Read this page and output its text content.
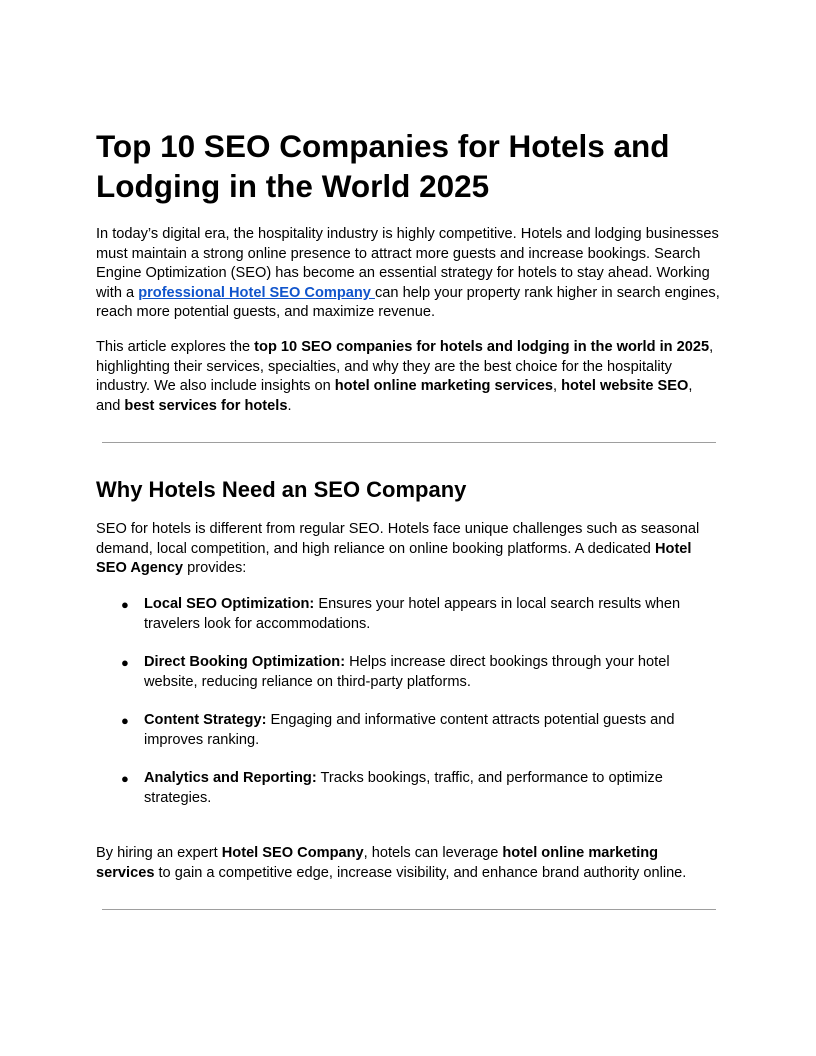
Top 10 SEO Companies for Hotels and Lodging in the World 2025

In today’s digital era, the hospitality industry is highly competitive. Hotels and lodging businesses must maintain a strong online presence to attract more guests and increase bookings. Search Engine Optimization (SEO) has become an essential strategy for hotels to stay ahead. Working with a professional Hotel SEO Company can help your property rank higher in search engines, reach more potential guests, and maximize revenue.

This article explores the top 10 SEO companies for hotels and lodging in the world in 2025, highlighting their services, specialties, and why they are the best choice for the hospitality industry. We also include insights on hotel online marketing services, hotel website SEO, and best services for hotels.

Why Hotels Need an SEO Company

SEO for hotels is different from regular SEO. Hotels face unique challenges such as seasonal demand, local competition, and high reliance on online booking platforms. A dedicated Hotel SEO Agency provides:

● Local SEO Optimization: Ensures your hotel appears in local search results when travelers look for accommodations.
● Direct Booking Optimization: Helps increase direct bookings through your hotel website, reducing reliance on third-party platforms.
● Content Strategy: Engaging and informative content attracts potential guests and improves ranking.
● Analytics and Reporting: Tracks bookings, traffic, and performance to optimize strategies.

By hiring an expert Hotel SEO Company, hotels can leverage hotel online marketing services to gain a competitive edge, increase visibility, and enhance brand authority online.
